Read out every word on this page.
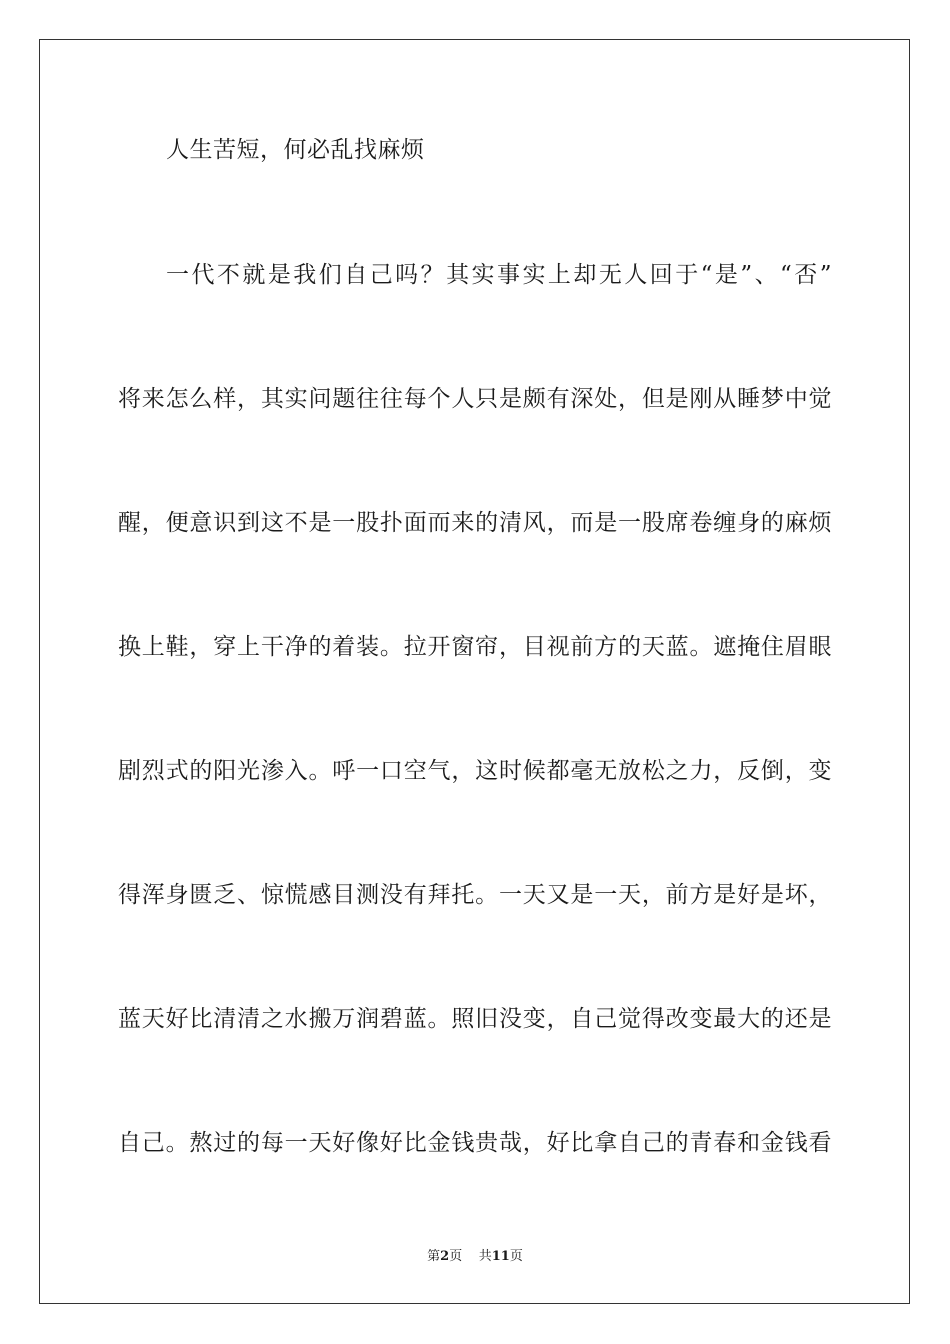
人生苦短，何必乱找麻烦
一代不就是我们自己吗？其实事实上却无人回于“是”、“否”
将来怎么样，其实问题往往每个人只是颇有深处，但是刚从睡梦中觉
醒，便意识到这不是一股扑面而来的清风，而是一股席卷缠身的麻烦
换上鞋，穿上干净的着装。拉开窗帘，目视前方的天蓝。遮掩住眉眼
剧烈式的阳光渗入。呼一口空气，这时候都毫无放松之力，反倒，变
得浑身匮乏、惊慌感目测没有拜托。一天又是一天，前方是好是坏，
蓝天好比清清之水搬万润碧蓝。照旧没变，自己觉得改变最大的还是
自己。熬过的每一天好像好比金钱贵哉，好比拿自己的青春和金钱看
第2页 共11页
